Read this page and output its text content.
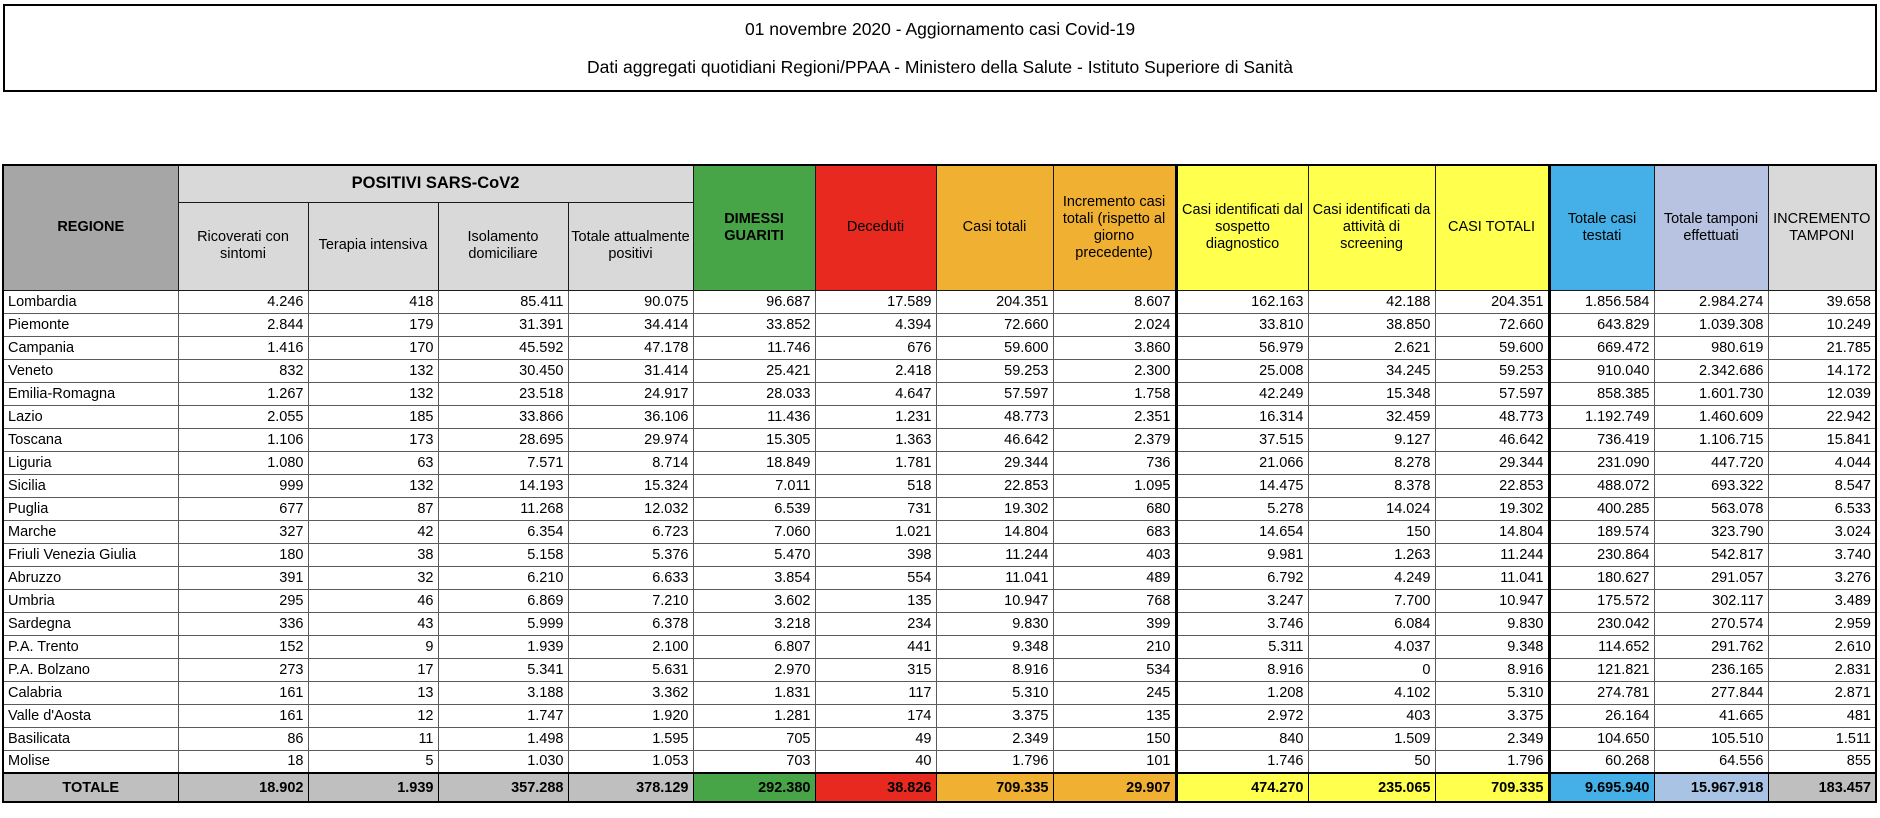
01 novembre 2020 - Aggiornamento casi Covid-19
Dati aggregati quotidiani Regioni/PPAA - Ministero della Salute - Istituto Superiore di Sanità
REGIONE	POSITIVI SARS-CoV2				DIMESSI GUARITI	Deceduti	Casi totali	Incremento casi totali (rispetto al giorno precedente)	Casi identificati dal sospetto diagnostico	Casi identificati da attività di screening	CASI TOTALI	Totale casi testati	Totale tamponi effettuati	INCREMENTO TAMPONI
	Ricoverati con sintomi	Terapia intensiva	Isolamento domiciliare	Totale attualmente positivi										
Lombardia	4.246	418	85.411	90.075	96.687	17.589	204.351	8.607	162.163	42.188	204.351	1.856.584	2.984.274	39.658
Piemonte	2.844	179	31.391	34.414	33.852	4.394	72.660	2.024	33.810	38.850	72.660	643.829	1.039.308	10.249
Campania	1.416	170	45.592	47.178	11.746	676	59.600	3.860	56.979	2.621	59.600	669.472	980.619	21.785
Veneto	832	132	30.450	31.414	25.421	2.418	59.253	2.300	25.008	34.245	59.253	910.040	2.342.686	14.172
Emilia-Romagna	1.267	132	23.518	24.917	28.033	4.647	57.597	1.758	42.249	15.348	57.597	858.385	1.601.730	12.039
Lazio	2.055	185	33.866	36.106	11.436	1.231	48.773	2.351	16.314	32.459	48.773	1.192.749	1.460.609	22.942
Toscana	1.106	173	28.695	29.974	15.305	1.363	46.642	2.379	37.515	9.127	46.642	736.419	1.106.715	15.841
Liguria	1.080	63	7.571	8.714	18.849	1.781	29.344	736	21.066	8.278	29.344	231.090	447.720	4.044
Sicilia	999	132	14.193	15.324	7.011	518	22.853	1.095	14.475	8.378	22.853	488.072	693.322	8.547
Puglia	677	87	11.268	12.032	6.539	731	19.302	680	5.278	14.024	19.302	400.285	563.078	6.533
Marche	327	42	6.354	6.723	7.060	1.021	14.804	683	14.654	150	14.804	189.574	323.790	3.024
Friuli Venezia Giulia	180	38	5.158	5.376	5.470	398	11.244	403	9.981	1.263	11.244	230.864	542.817	3.740
Abruzzo	391	32	6.210	6.633	3.854	554	11.041	489	6.792	4.249	11.041	180.627	291.057	3.276
Umbria	295	46	6.869	7.210	3.602	135	10.947	768	3.247	7.700	10.947	175.572	302.117	3.489
Sardegna	336	43	5.999	6.378	3.218	234	9.830	399	3.746	6.084	9.830	230.042	270.574	2.959
P.A. Trento	152	9	1.939	2.100	6.807	441	9.348	210	5.311	4.037	9.348	114.652	291.762	2.610
P.A. Bolzano	273	17	5.341	5.631	2.970	315	8.916	534	8.916	0	8.916	121.821	236.165	2.831
Calabria	161	13	3.188	3.362	1.831	117	5.310	245	1.208	4.102	5.310	274.781	277.844	2.871
Valle d'Aosta	161	12	1.747	1.920	1.281	174	3.375	135	2.972	403	3.375	26.164	41.665	481
Basilicata	86	11	1.498	1.595	705	49	2.349	150	840	1.509	2.349	104.650	105.510	1.511
Molise	18	5	1.030	1.053	703	40	1.796	101	1.746	50	1.796	60.268	64.556	855
TOTALE	18.902	1.939	357.288	378.129	292.380	38.826	709.335	29.907	474.270	235.065	709.335	9.695.940	15.967.918	183.457
